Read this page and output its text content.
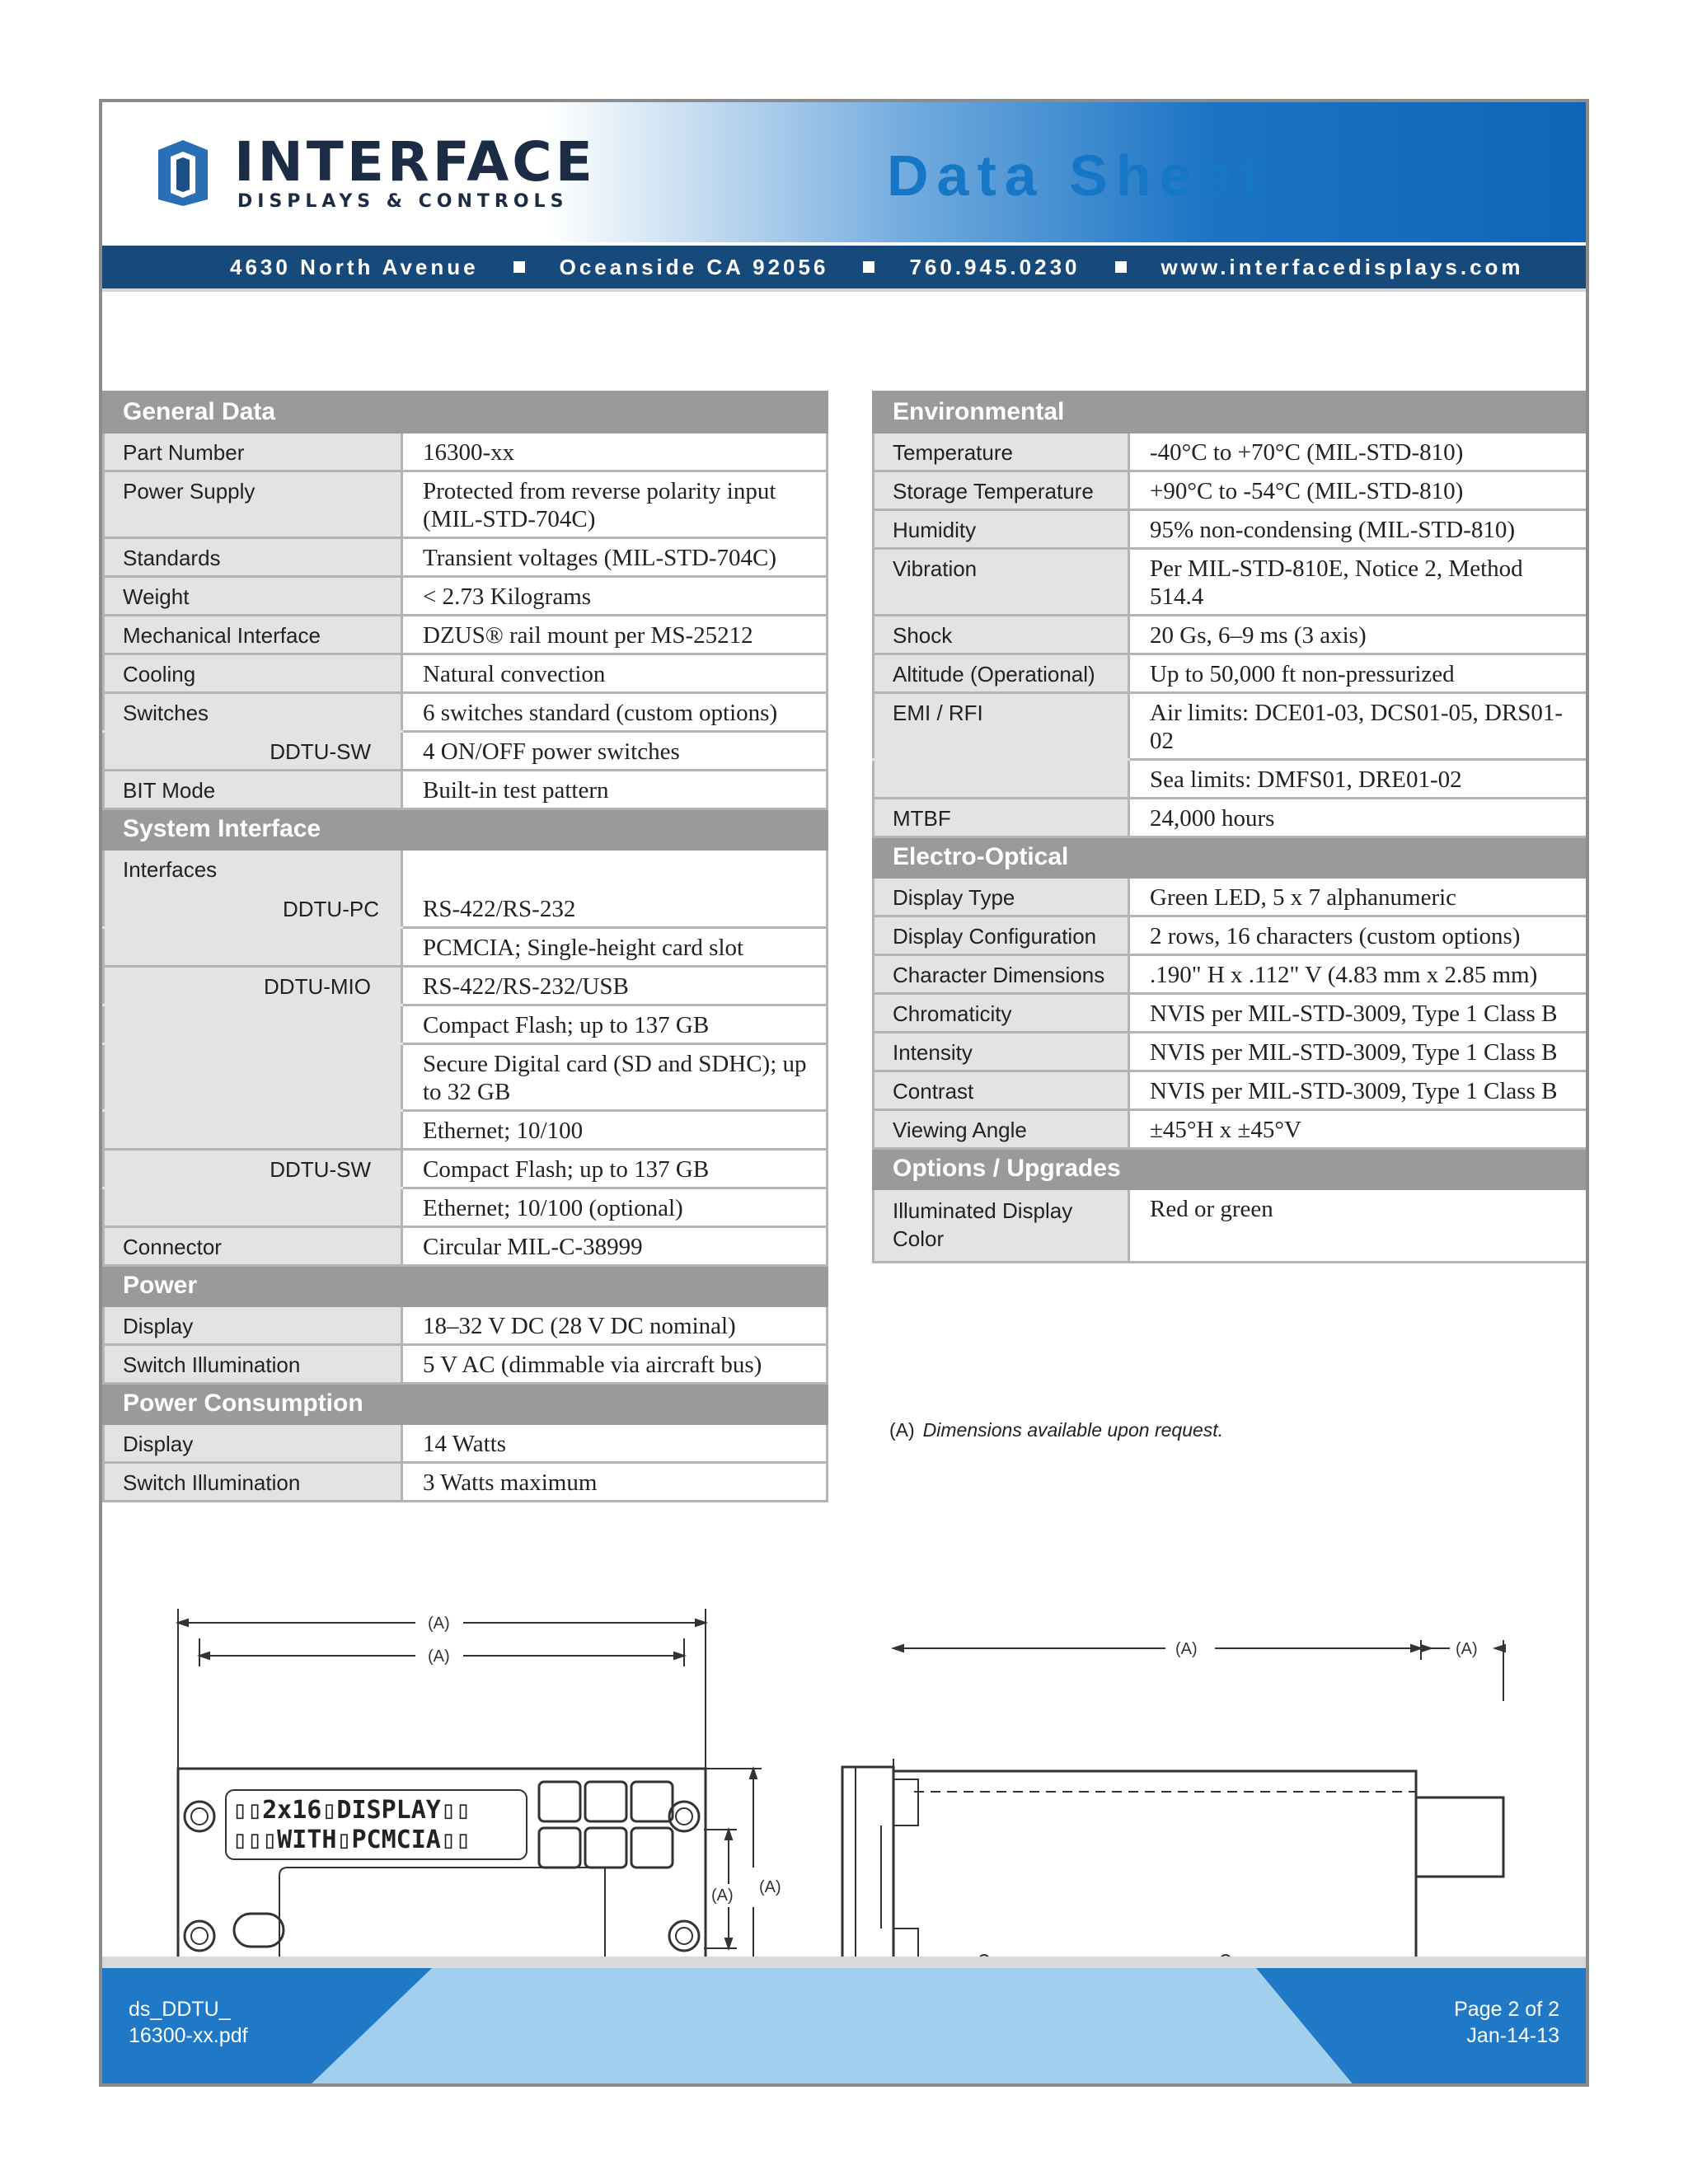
INTERFACE
DISPLAYS & CONTROLS	Data Sheet
4630 North Avenue	Oceanside CA 92056	760.945.0230	www.interfacedisplays.com
General Data	
Part Number	16300-xx
Power Supply	Protected from reverse polarity input (MIL-STD-704C)
Standards	Transient voltages (MIL-STD-704C)
Weight	< 2.73 Kilograms
Mechanical Interface	DZUS® rail mount per MS-25212
Cooling	Natural convection
Switches	6 switches standard (custom options)
DDTU-SW	4 ON/OFF power switches
BIT Mode	Built-in test pattern
System Interface	

Interfaces
DDTU-PC	RS-422/RS-232
	PCMCIA; Single-height card slot
DDTU-MIO	RS-422/RS-232/USB
	Compact Flash; up to 137 GB
	Secure Digital card (SD and SDHC); up to 32 GB
	Ethernet; 10/100
DDTU-SW	Compact Flash; up to 137 GB
	Ethernet; 10/100 (optional)
Connector	Circular MIL-C-38999
Power	
Display	18–32 V DC (28 V DC nominal)
Switch Illumination	5 V AC (dimmable via aircraft bus)
Power Consumption	
Display	14 Watts
Switch Illumination	3 Watts maximum
Environmental	
Temperature	-40°C to +70°C (MIL-STD-810)
Storage Temperature	+90°C to -54°C (MIL-STD-810)
Humidity	95% non-condensing (MIL-STD-810)
Vibration	Per MIL-STD-810E, Notice 2, Method 514.4
Shock	20 Gs, 6–9 ms (3 axis)
Altitude (Operational)	Up to 50,000 ft non-pressurized
EMI / RFI	Air limits: DCE01-03, DCS01-05, DRS01-02
	Sea limits: DMFS01, DRE01-02
MTBF	24,000 hours
Electro-Optical	
Display Type	Green LED, 5 x 7 alphanumeric
Display Configuration	2 rows, 16 characters (custom options)
Character Dimensions	.190" H x .112" V (4.83 mm x 2.85 mm)
Chromaticity	NVIS per MIL-STD-3009, Type 1 Class B
Intensity	NVIS per MIL-STD-3009, Type 1 Class B
Contrast	NVIS per MIL-STD-3009, Type 1 Class B
Viewing Angle	±45°H x ±45°V
Options / Upgrades	
Illuminated Display Color	Red or green
(A) Dimensions available upon request.
(A)
(A)
(A)
(A)
(A)	(A)
▯▯2x16▯DISPLAY▯▯
▯▯▯WITH▯PCMCIA▯▯
ds_DDTU_
16300-xx.pdf
Page 2 of 2
Jan-14-13
